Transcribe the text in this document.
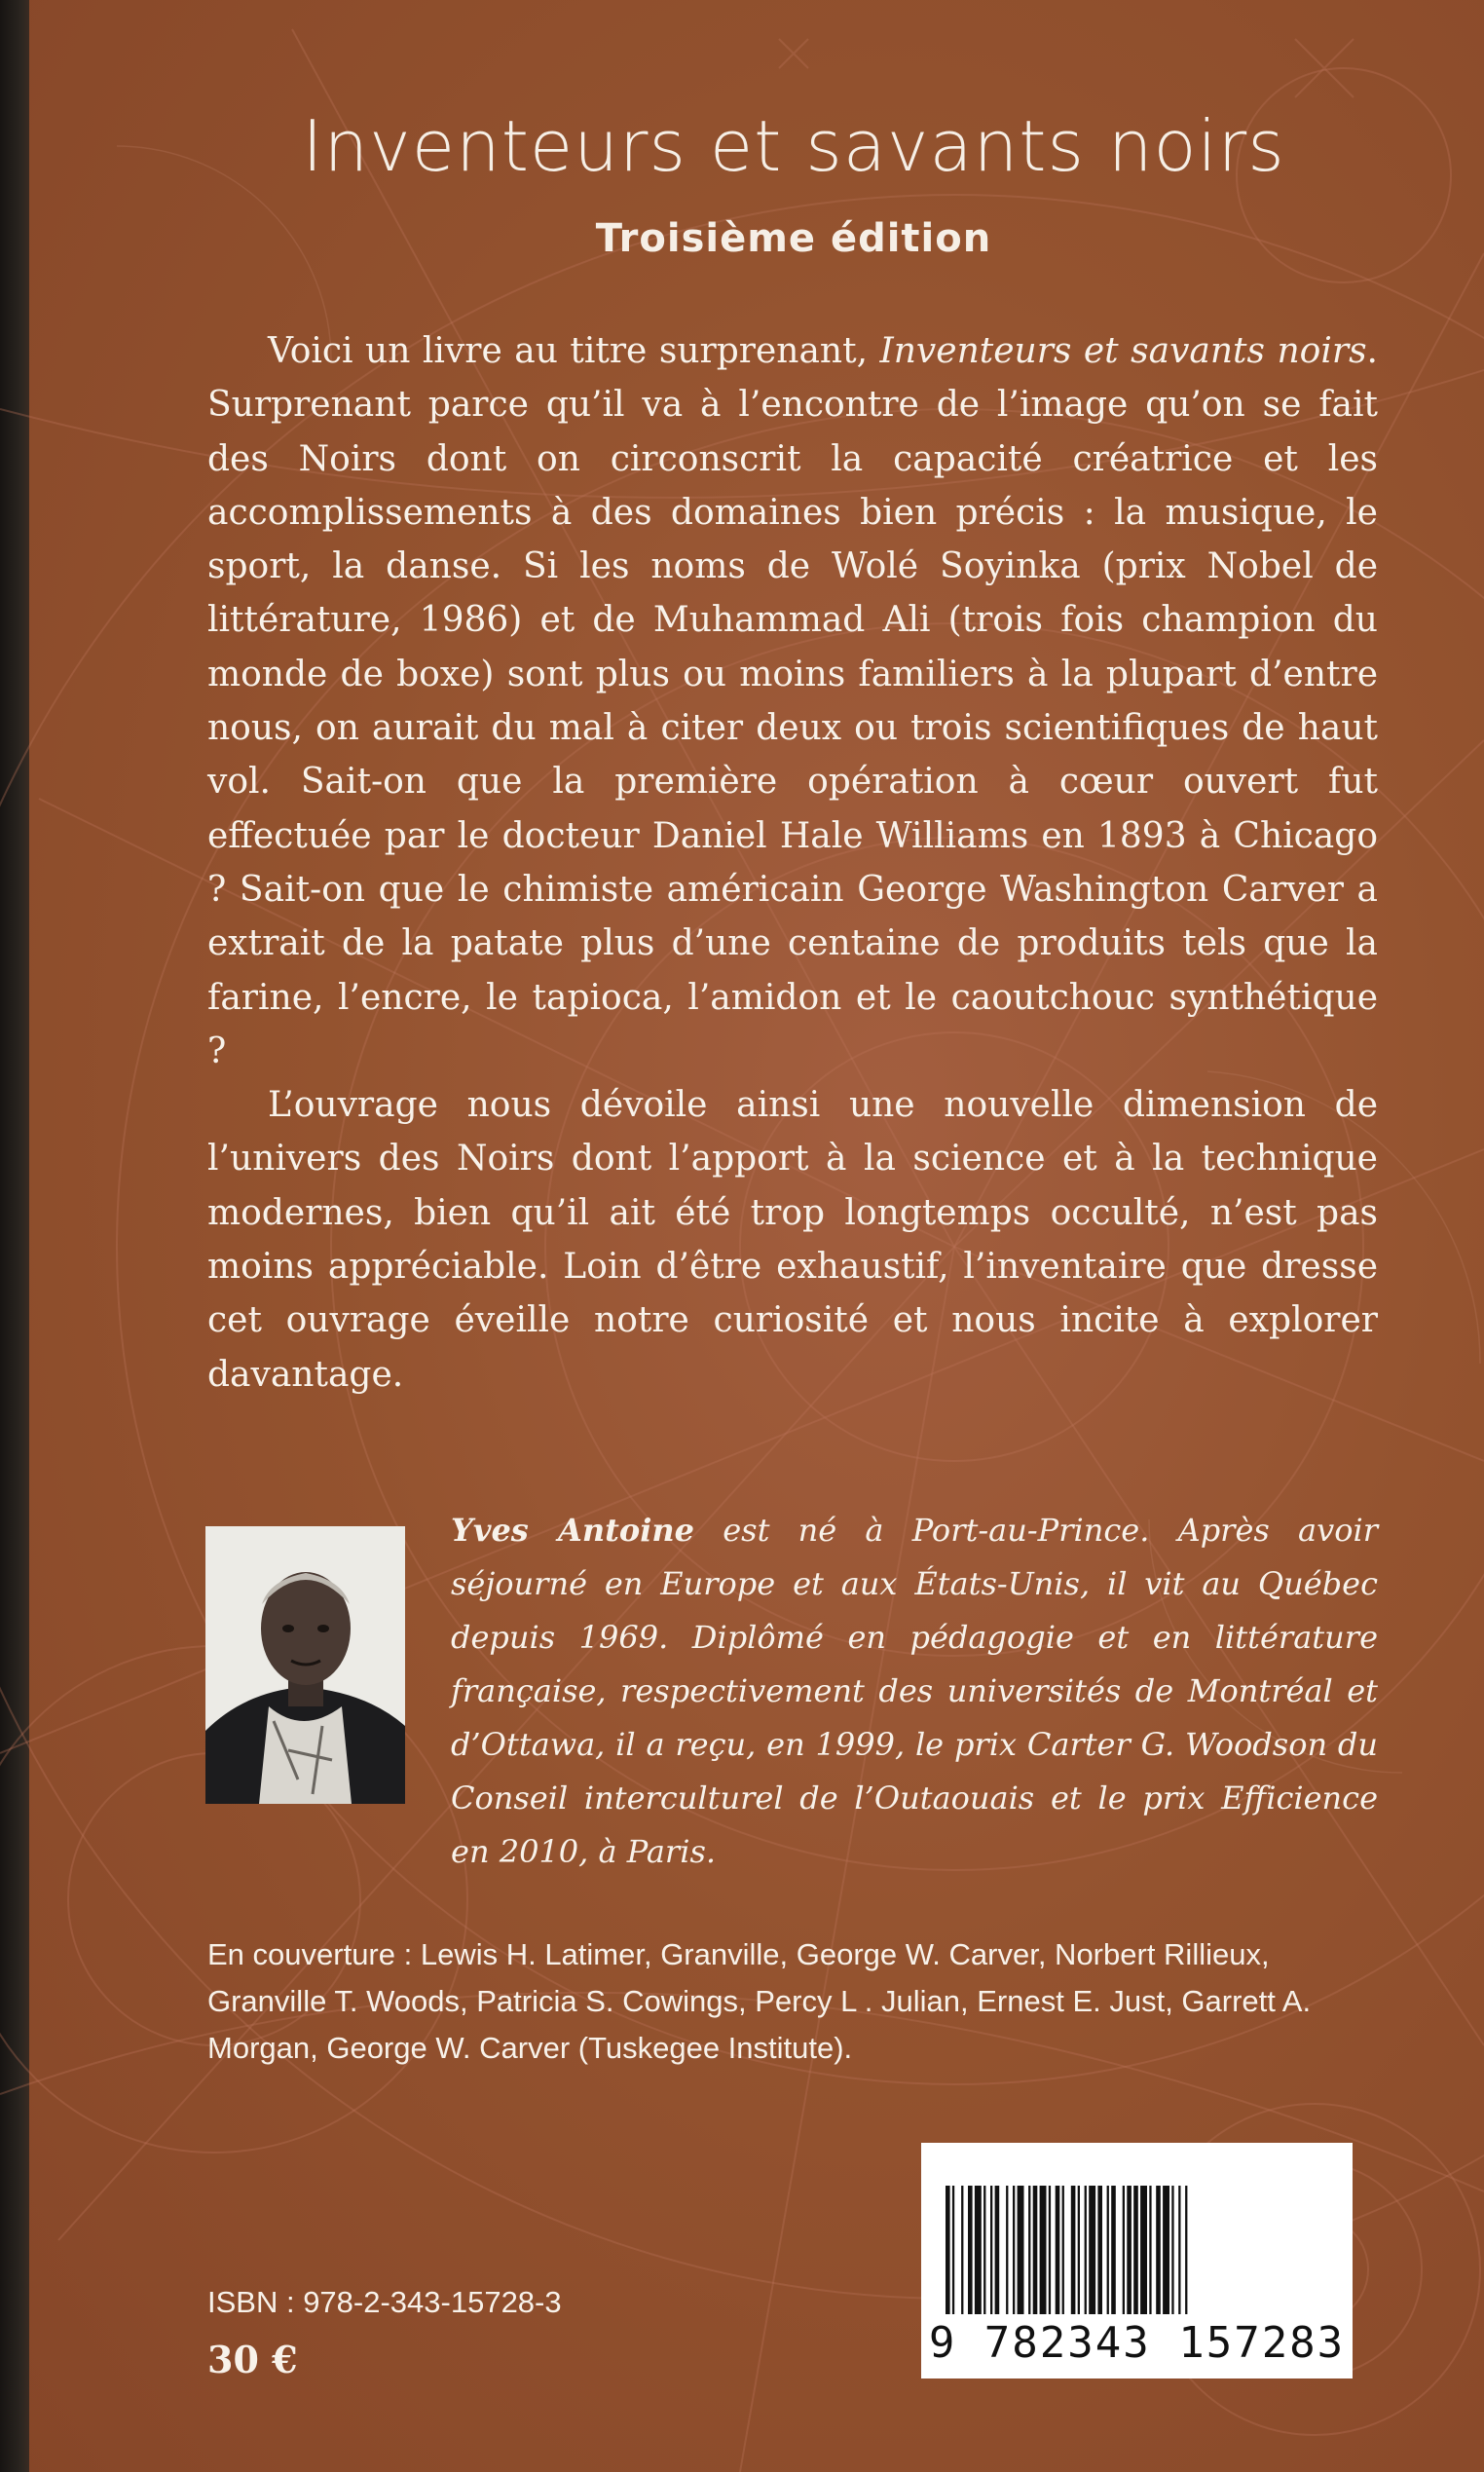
Inventeurs et savants noirs
Troisième édition

Voici un livre au titre surprenant, Inventeurs et savants noirs. Surprenant parce qu’il va à l’encontre de l’image qu’on se fait des Noirs dont on circonscrit la capacité créatrice et les accomplissements à des domaines bien précis : la musique, le sport, la danse. Si les noms de Wolé Soyinka (prix Nobel de littérature, 1986) et de Muhammad Ali (trois fois champion du monde de boxe) sont plus ou moins familiers à la plupart d’entre nous, on aurait du mal à citer deux ou trois scientifiques de haut vol. Sait-on que la première opération à cœur ouvert fut effectuée par le docteur Daniel Hale Williams en 1893 à Chicago ? Sait-on que le chimiste américain George Washington Carver a extrait de la patate plus d’une centaine de produits tels que la farine, l’encre, le tapioca, l’amidon et le caoutchouc synthétique ?

L’ouvrage nous dévoile ainsi une nouvelle dimension de l’univers des Noirs dont l’apport à la science et à la technique modernes, bien qu’il ait été trop longtemps occulté, n’est pas moins appréciable. Loin d’être exhaustif, l’inventaire que dresse cet ouvrage éveille notre curiosité et nous incite à explorer davantage.

Yves Antoine est né à Port-au-Prince. Après avoir séjourné en Europe et aux États-Unis, il vit au Québec depuis 1969. Diplômé en pédagogie et en littérature française, respectivement des universités de Montréal et d’Ottawa, il a reçu, en 1999, le prix Carter G. Woodson du Conseil interculturel de l’Outaouais et le prix Efficience en 2010, à Paris.

En couverture : Lewis H. Latimer, Granville, George W. Carver, Norbert Rillieux, Granville T. Woods, Patricia S. Cowings, Percy L . Julian, Ernest E. Just, Garrett A. Morgan, George W. Carver (Tuskegee Institute).

9 782343 157283

ISBN : 978-2-343-15728-3

30 €
